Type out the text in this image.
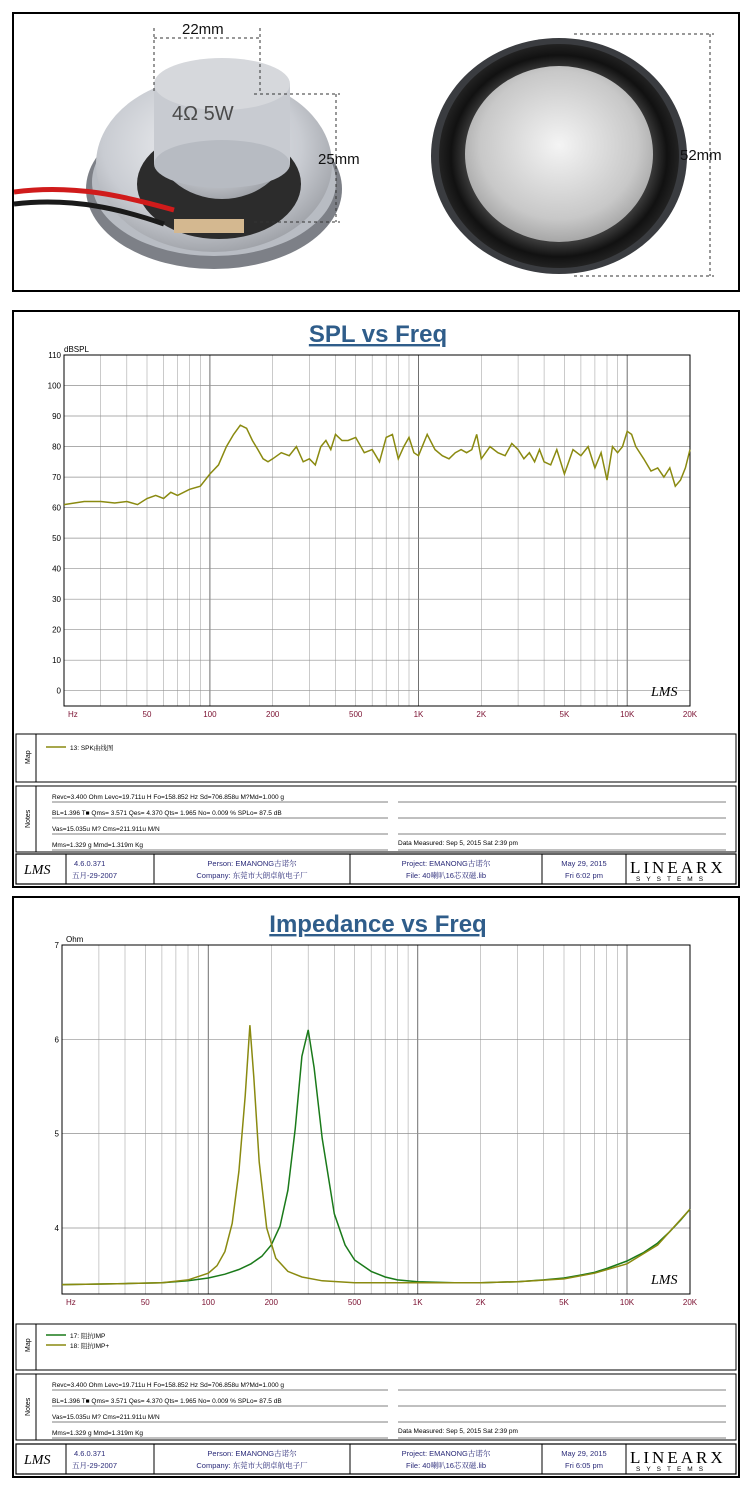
4Ω 5W
22mm
25mm	52mm
SPL vs Freq
dBSPL
110
100
90
80
70
60
50
40
30
20
10
0
Hz	50	100	200	500	1K	2K	5K	10K	20K
LMS
Map
13: SPK曲线图
Notes
Revc=3.400 Ohm Levc=19.711u H Fo=158.852 Hz Sd=706.858u M?Md=1.000 g
BL=1.396 T■ Qms= 3.571 Qes= 4.370 Qts= 1.965 No= 0.009 % SPLo= 87.5 dB
Vas=15.035u M? Cms=211.911u M/N
Mms=1.329 g Mmd=1.319m Kg	Data Measured: Sep 5, 2015 Sat 2:39 pm
LMS	4.6.0.371
五月-29-2007
Person: EMANONG古诺尔
Company: 东莞市大朗卓航电子厂
Project: EMANONG古诺尔
File: 40喇叭16芯双磁.lib
May 29, 2015
Fri 6:02 pm LINEARX
SYSTEMS
Impedance vs Freq
Ohm
7
6
5
4
Hz	50	100	200	500	1K	2K	5K	10K	20K
LMS
Map
17: 阻抗IMP
18: 阻抗IMP+
Notes
Revc=3.400 Ohm Levc=19.711u H Fo=158.852 Hz Sd=706.858u M?Md=1.000 g
BL=1.396 T■ Qms= 3.571 Qes= 4.370 Qts= 1.965 No= 0.009 % SPLo= 87.5 dB
Vas=15.035u M? Cms=211.911u M/N
Mms=1.329 g Mmd=1.319m Kg	Data Measured: Sep 5, 2015 Sat 2:39 pm
LMS	4.6.0.371
五月-29-2007
Person: EMANONG古诺尔
Company: 东莞市大朗卓航电子厂
Project: EMANONG古诺尔
File: 40喇叭16芯双磁.lib
May 29, 2015
Fri 6:05 pm LINEARX
SYSTEMS
